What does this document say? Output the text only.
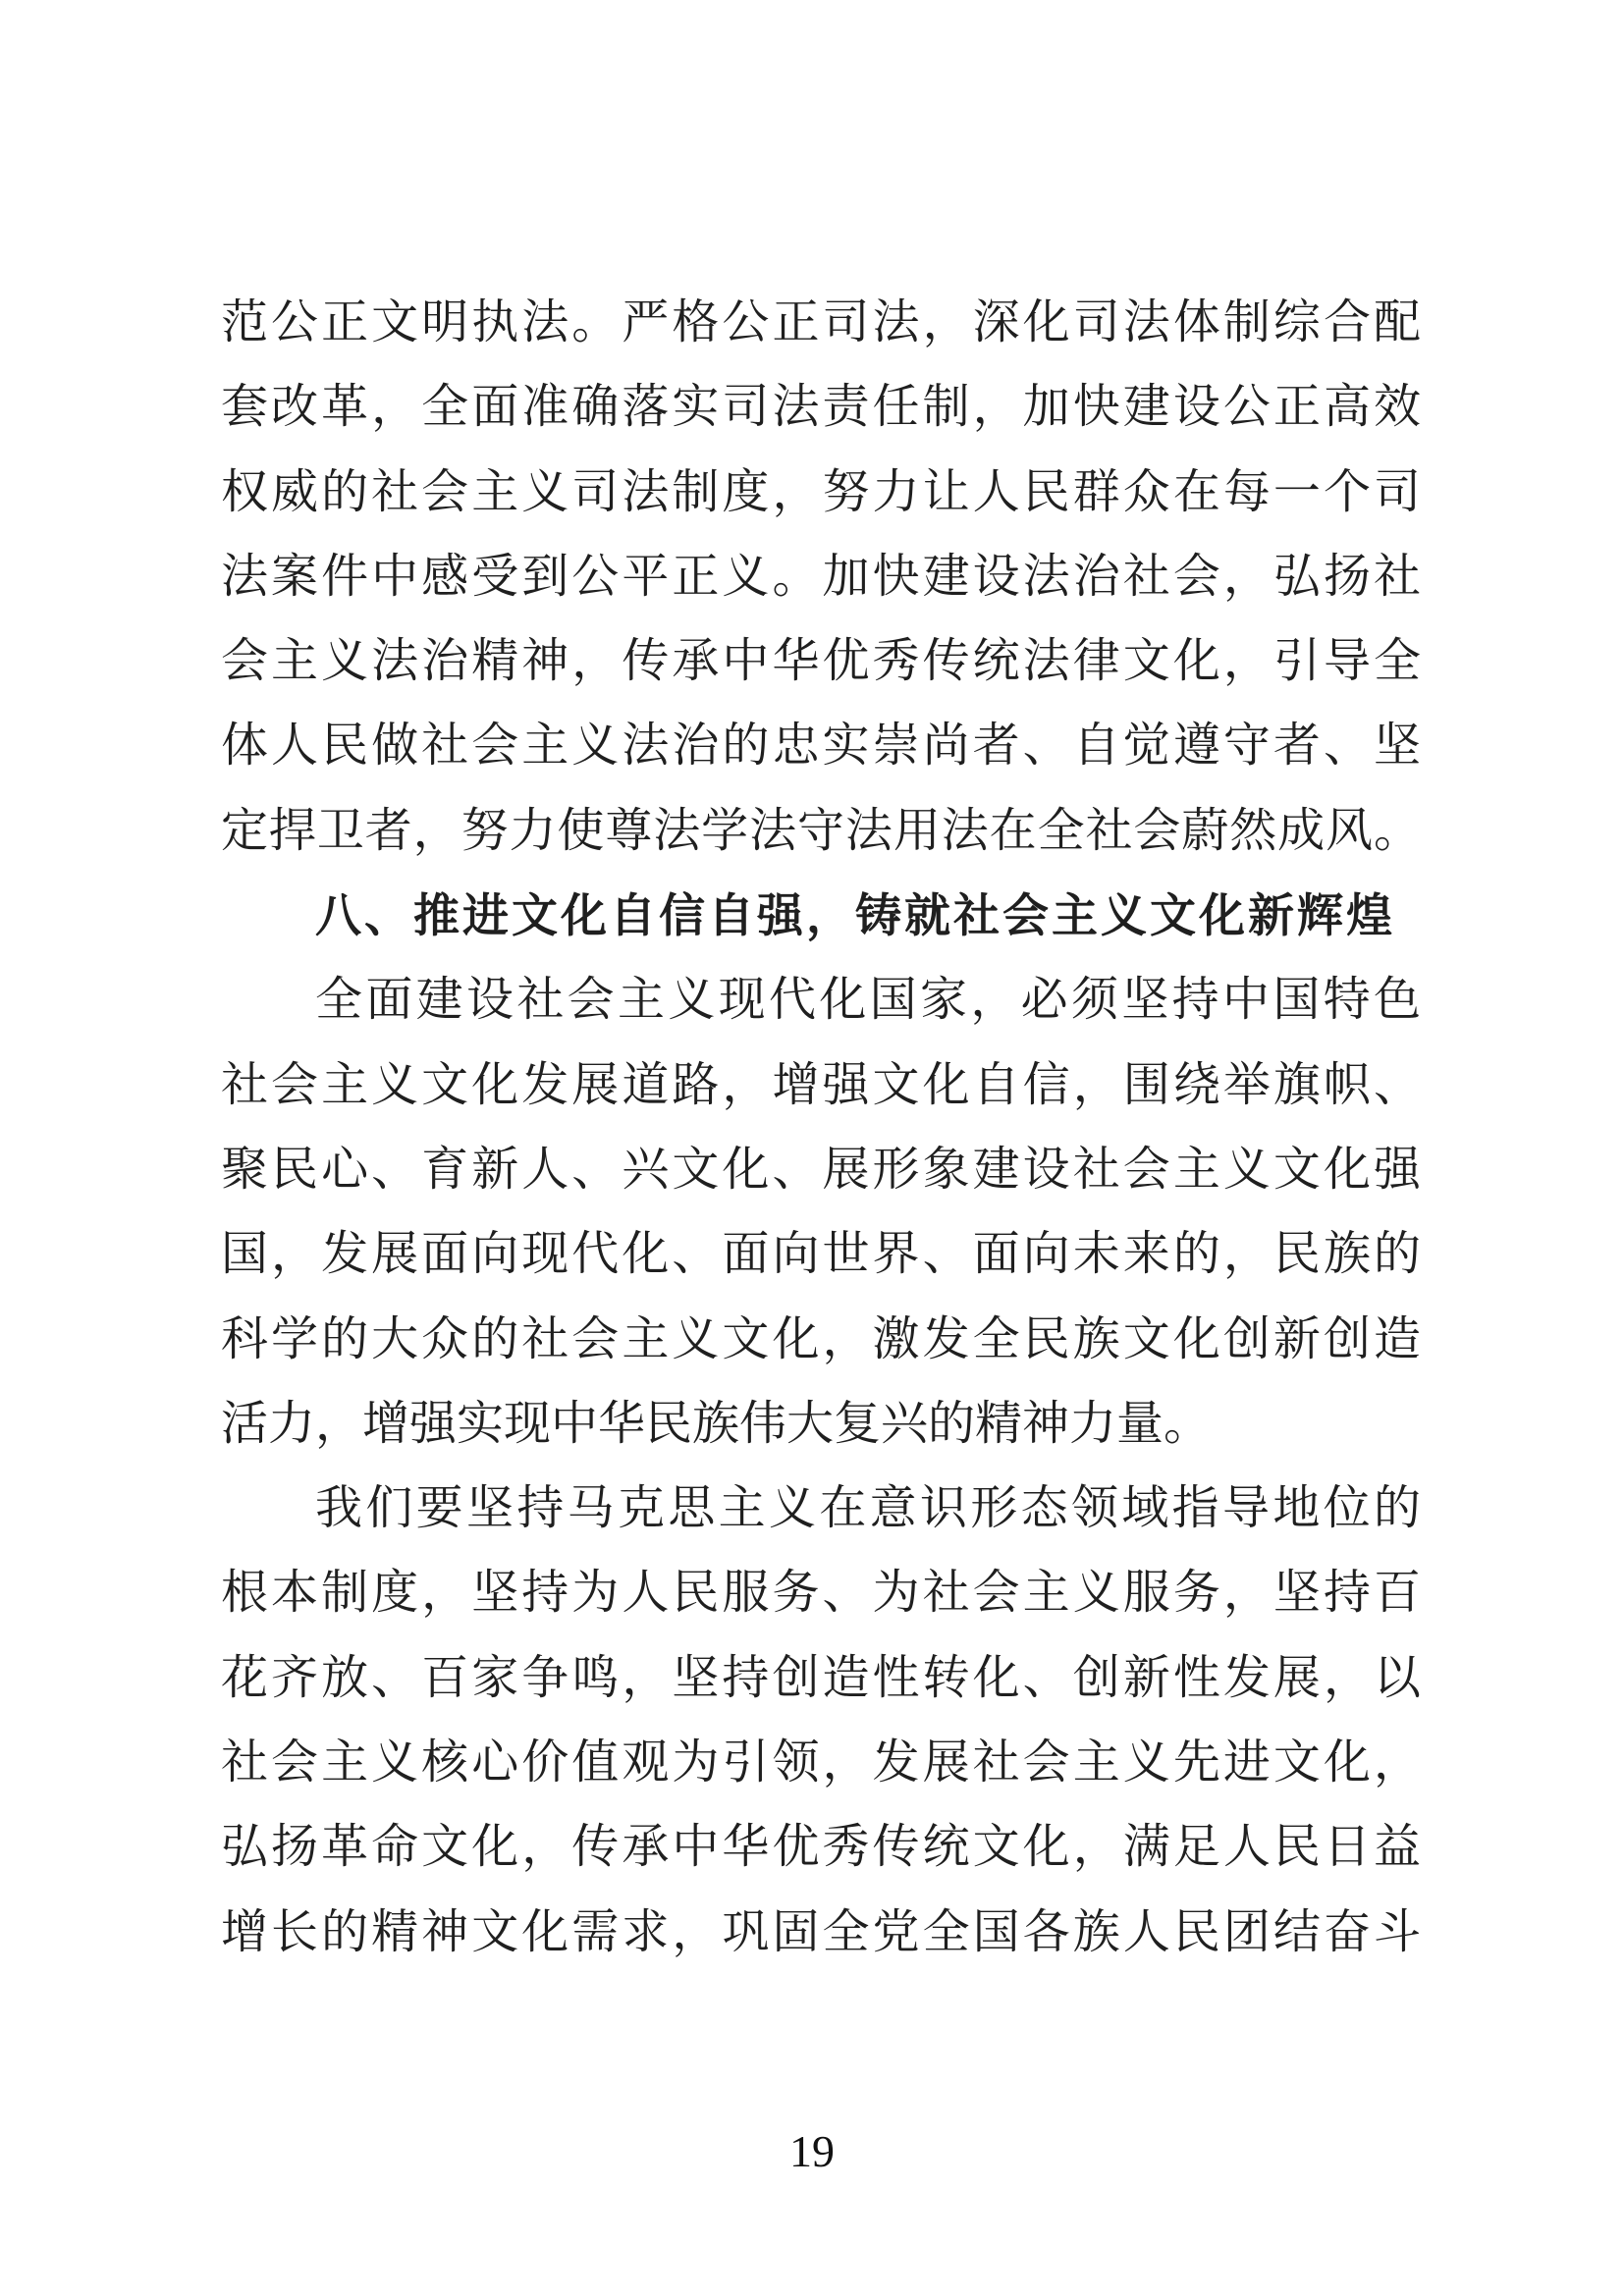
范公正文明执法。严格公正司法，深化司法体制综合配

套改革，全面准确落实司法责任制，加快建设公正高效

权威的社会主义司法制度，努力让人民群众在每一个司

法案件中感受到公平正义。加快建设法治社会，弘扬社

会主义法治精神，传承中华优秀传统法律文化，引导全

体人民做社会主义法治的忠实崇尚者、自觉遵守者、坚

定捍卫者，努力使尊法学法守法用法在全社会蔚然成风。

八、推进文化自信自强，铸就社会主义文化新辉煌

全面建设社会主义现代化国家，必须坚持中国特色

社会主义文化发展道路，增强文化自信，围绕举旗帜、

聚民心、育新人、兴文化、展形象建设社会主义文化强

国，发展面向现代化、面向世界、面向未来的，民族的

科学的大众的社会主义文化，激发全民族文化创新创造

活力，增强实现中华民族伟大复兴的精神力量。

我们要坚持马克思主义在意识形态领域指导地位的

根本制度，坚持为人民服务、为社会主义服务，坚持百

花齐放、百家争鸣，坚持创造性转化、创新性发展，以

社会主义核心价值观为引领，发展社会主义先进文化，

弘扬革命文化，传承中华优秀传统文化，满足人民日益

增长的精神文化需求，巩固全党全国各族人民团结奋斗

19
